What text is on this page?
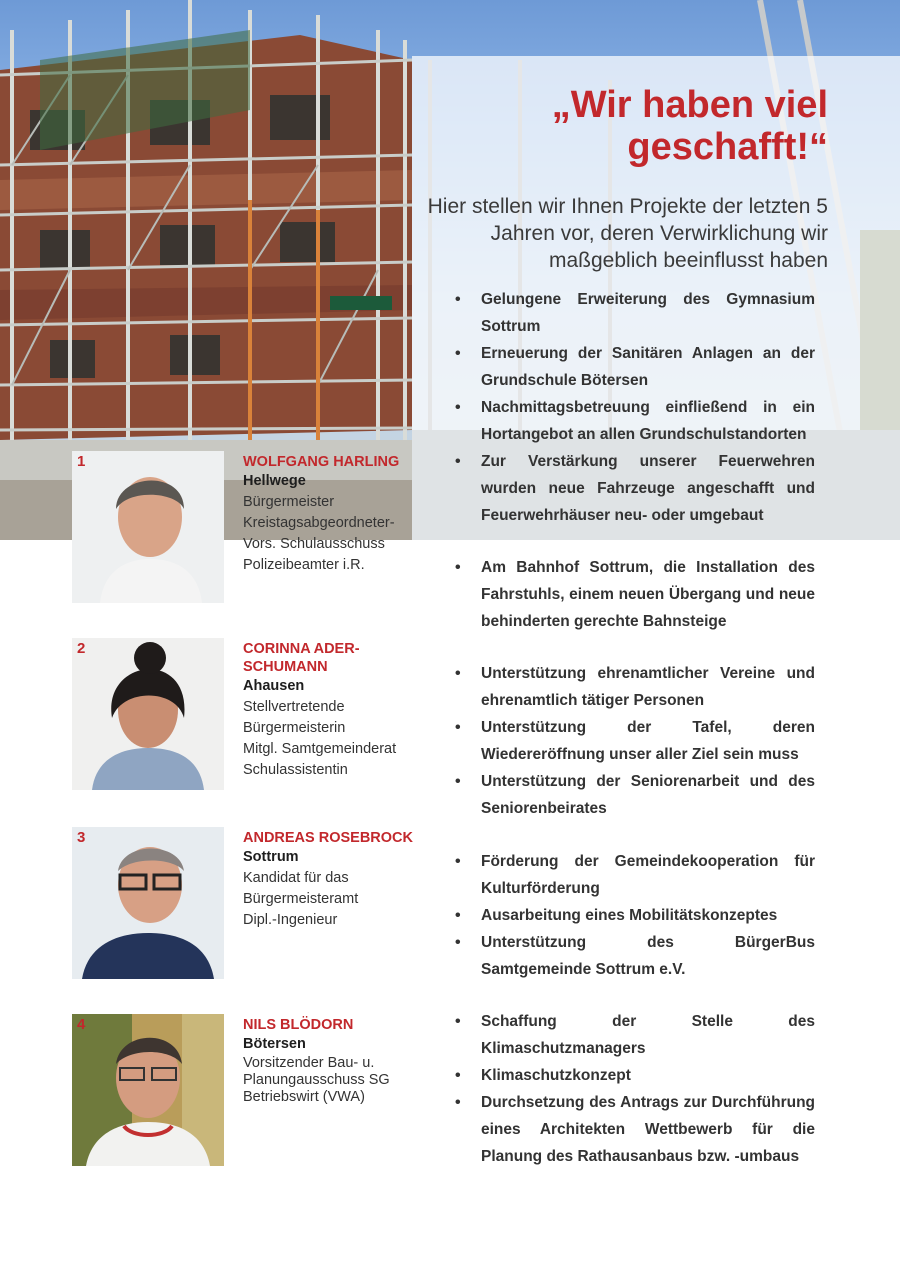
„Wir haben viel geschafft!“

Hier stellen wir Ihnen Projekte der letzten 5 Jahren vor, deren Verwirklichung wir maßgeblich beeinflusst haben

• Gelungene Erweiterung des Gymnasium Sottrum
• Erneuerung der Sanitären Anlagen an der Grundschule Bötersen
• Nachmittagsbetreuung einfließend in ein Hortangebot an allen Grundschulstandorten
• Zur Verstärkung unserer Feuerwehren wurden neue Fahrzeuge angeschafft und Feuerwehrhäuser neu- oder umgebaut
• Am Bahnhof Sottrum, die Installation des Fahrstuhls, einem neuen Übergang und neue behinderten gerechte Bahnsteige
• Unterstützung ehrenamtlicher Vereine und ehrenamtlich tätiger Personen
• Unterstützung der Tafel, deren Wiedereröffnung unser aller Ziel sein muss
• Unterstützung der Seniorenarbeit und des Seniorenbeirates
• Förderung der Gemeindekooperation für Kulturförderung
• Ausarbeitung eines Mobilitätskonzeptes
• Unterstützung des BürgerBus Samtgemeinde Sottrum e.V.
• Schaffung der Stelle des Klimaschutzmanagers
• Klimaschutzkonzept
• Durchsetzung des Antrags zur Durchführung eines Architekten Wettbewerb für die Planung des Rathausanbaus bzw. -umbaus
1	WOLFGANG HARLING
Hellwege
Bürgermeister
Kreistagsabgeordneter-
Vors. Schulausschuss
Polizeibeamter i.R.
2	CORINNA ADER-SCHUMANN
Ahausen
Stellvertretende
Bürgermeisterin
Mitgl. Samtgemeinderat
Schulassistentin
3	ANDREAS ROSEBROCK
Sottrum
Kandidat für das
Bürgermeisteramt
Dipl.-Ingenieur
4	NILS BLÖDORN
Bötersen
Vorsitzender Bau- u.
Planungausschuss SG
Betriebswirt (VWA)
